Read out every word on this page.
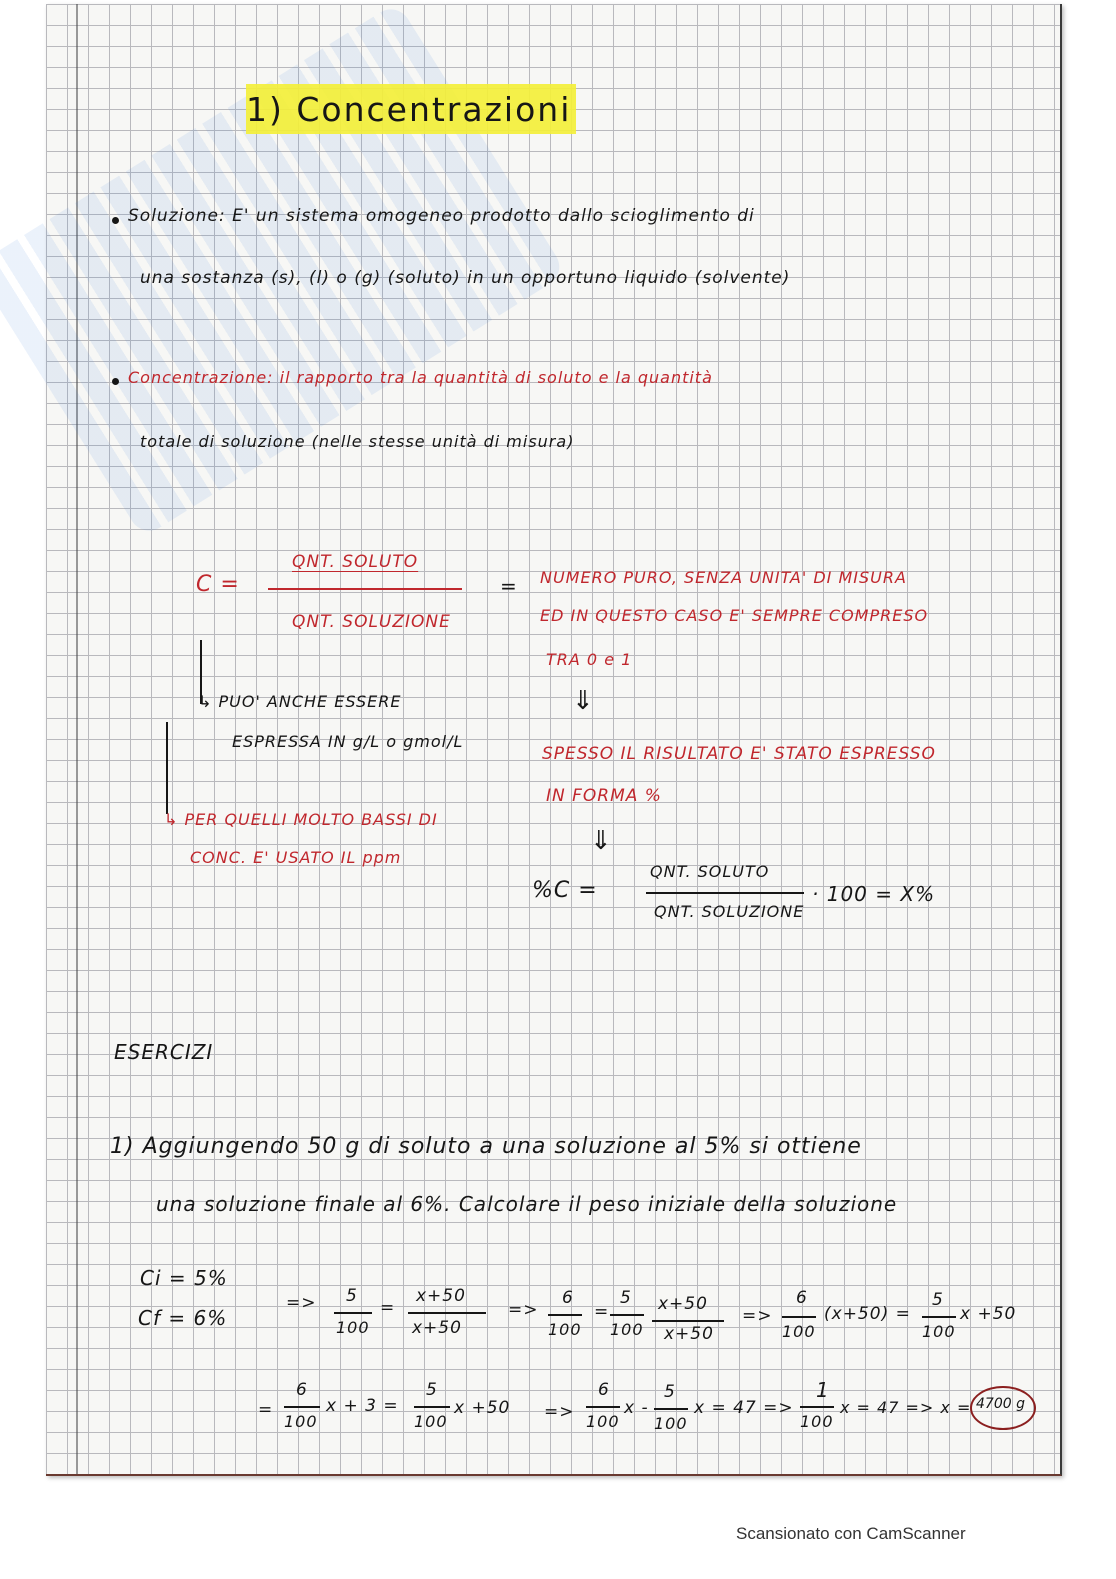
1) Concentrazioni
Soluzione: E' un sistema omogeneo prodotto dallo scioglimento di
una sostanza (s), (l) o (g) (soluto) in un opportuno liquido (solvente)
Concentrazione: il rapporto tra la quantità di soluto e la quantità
totale di soluzione (nelle stesse unità di misura)
C =
QNT. SOLUTO
QNT. SOLUZIONE
= NUMERO PURO, SENZA UNITA' DI MISURA
ED IN QUESTO CASO E' SEMPRE COMPRESO
TRA 0 e 1
⇓
SPESSO IL RISULTATO E' STATO ESPRESSO
IN FORMA %
⇓
↳ PUO' ANCHE ESSERE
ESPRESSA IN g/L o gmol/L
↳ PER QUELLI MOLTO BASSI DI
CONC. E' USATO IL ppm
%C =
QNT. SOLUTO
QNT. SOLUZIONE
· 100 = X%
ESERCIZI
1) Aggiungendo 50 g di soluto a una soluzione al 5% si ottiene
una soluzione finale al 6%. Calcolare il peso iniziale della soluzione
Ci = 5%
Cf = 6%
=> 5
100
=
x+50
x+50
=>
6
100
=
5
100
x+50
x+50
=>
6
100
(x+50) =
5
100
x +50
=
6
100
x + 3 =
5
100
x +50 =>
6
100
x -
5
100
x = 47 =>
1
100
x = 47 => x = 4700 g
Scansionato con CamScanner
